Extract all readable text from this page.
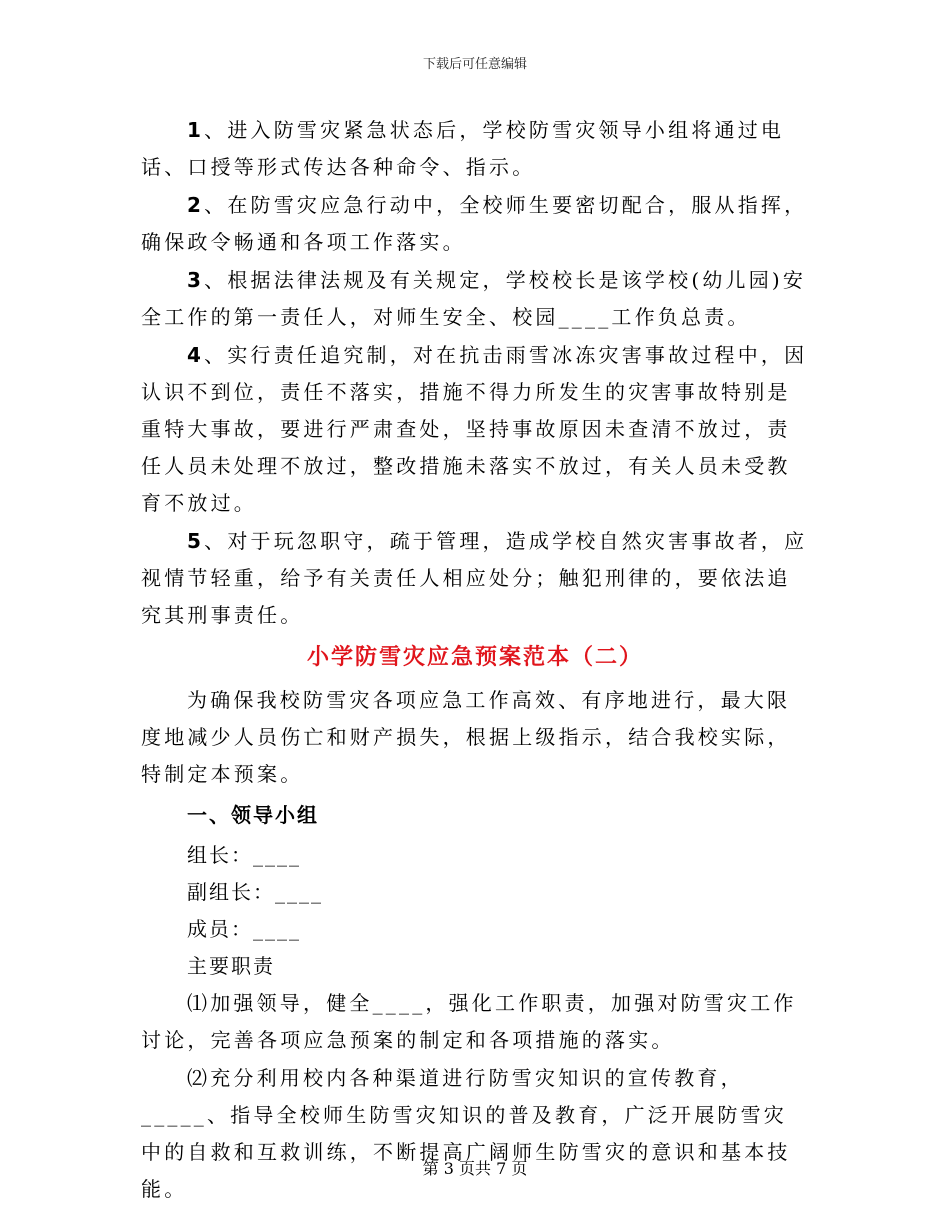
下载后可任意编辑

1、进入防雪灾紧急状态后，学校防雪灾领导小组将通过电话、口授等形式传达各种命令、指示。

2、在防雪灾应急行动中，全校师生要密切配合，服从指挥，确保政令畅通和各项工作落实。

3、根据法律法规及有关规定，学校校长是该学校(幼儿园)安全工作的第一责任人，对师生安全、校园____工作负总责。

4、实行责任追究制，对在抗击雨雪冰冻灾害事故过程中，因认识不到位，责任不落实，措施不得力所发生的灾害事故特别是重特大事故，要进行严肃查处，坚持事故原因未查清不放过，责任人员未处理不放过，整改措施未落实不放过，有关人员未受教育不放过。

5、对于玩忽职守，疏于管理，造成学校自然灾害事故者，应视情节轻重，给予有关责任人相应处分；触犯刑律的，要依法追究其刑事责任。

小学防雪灾应急预案范本（二）

为确保我校防雪灾各项应急工作高效、有序地进行，最大限度地减少人员伤亡和财产损失，根据上级指示，结合我校实际，特制定本预案。

一、领导小组
组长：____
副组长：____
成员：____
主要职责

⑴加强领导，健全____，强化工作职责，加强对防雪灾工作讨论，完善各项应急预案的制定和各项措施的落实。

⑵充分利用校内各种渠道进行防雪灾知识的宣传教育，_____、指导全校师生防雪灾知识的普及教育，广泛开展防雪灾中的自救和互救训练，不断提高广阔师生防雪灾的意识和基本技能。

第 3 页共 7 页
